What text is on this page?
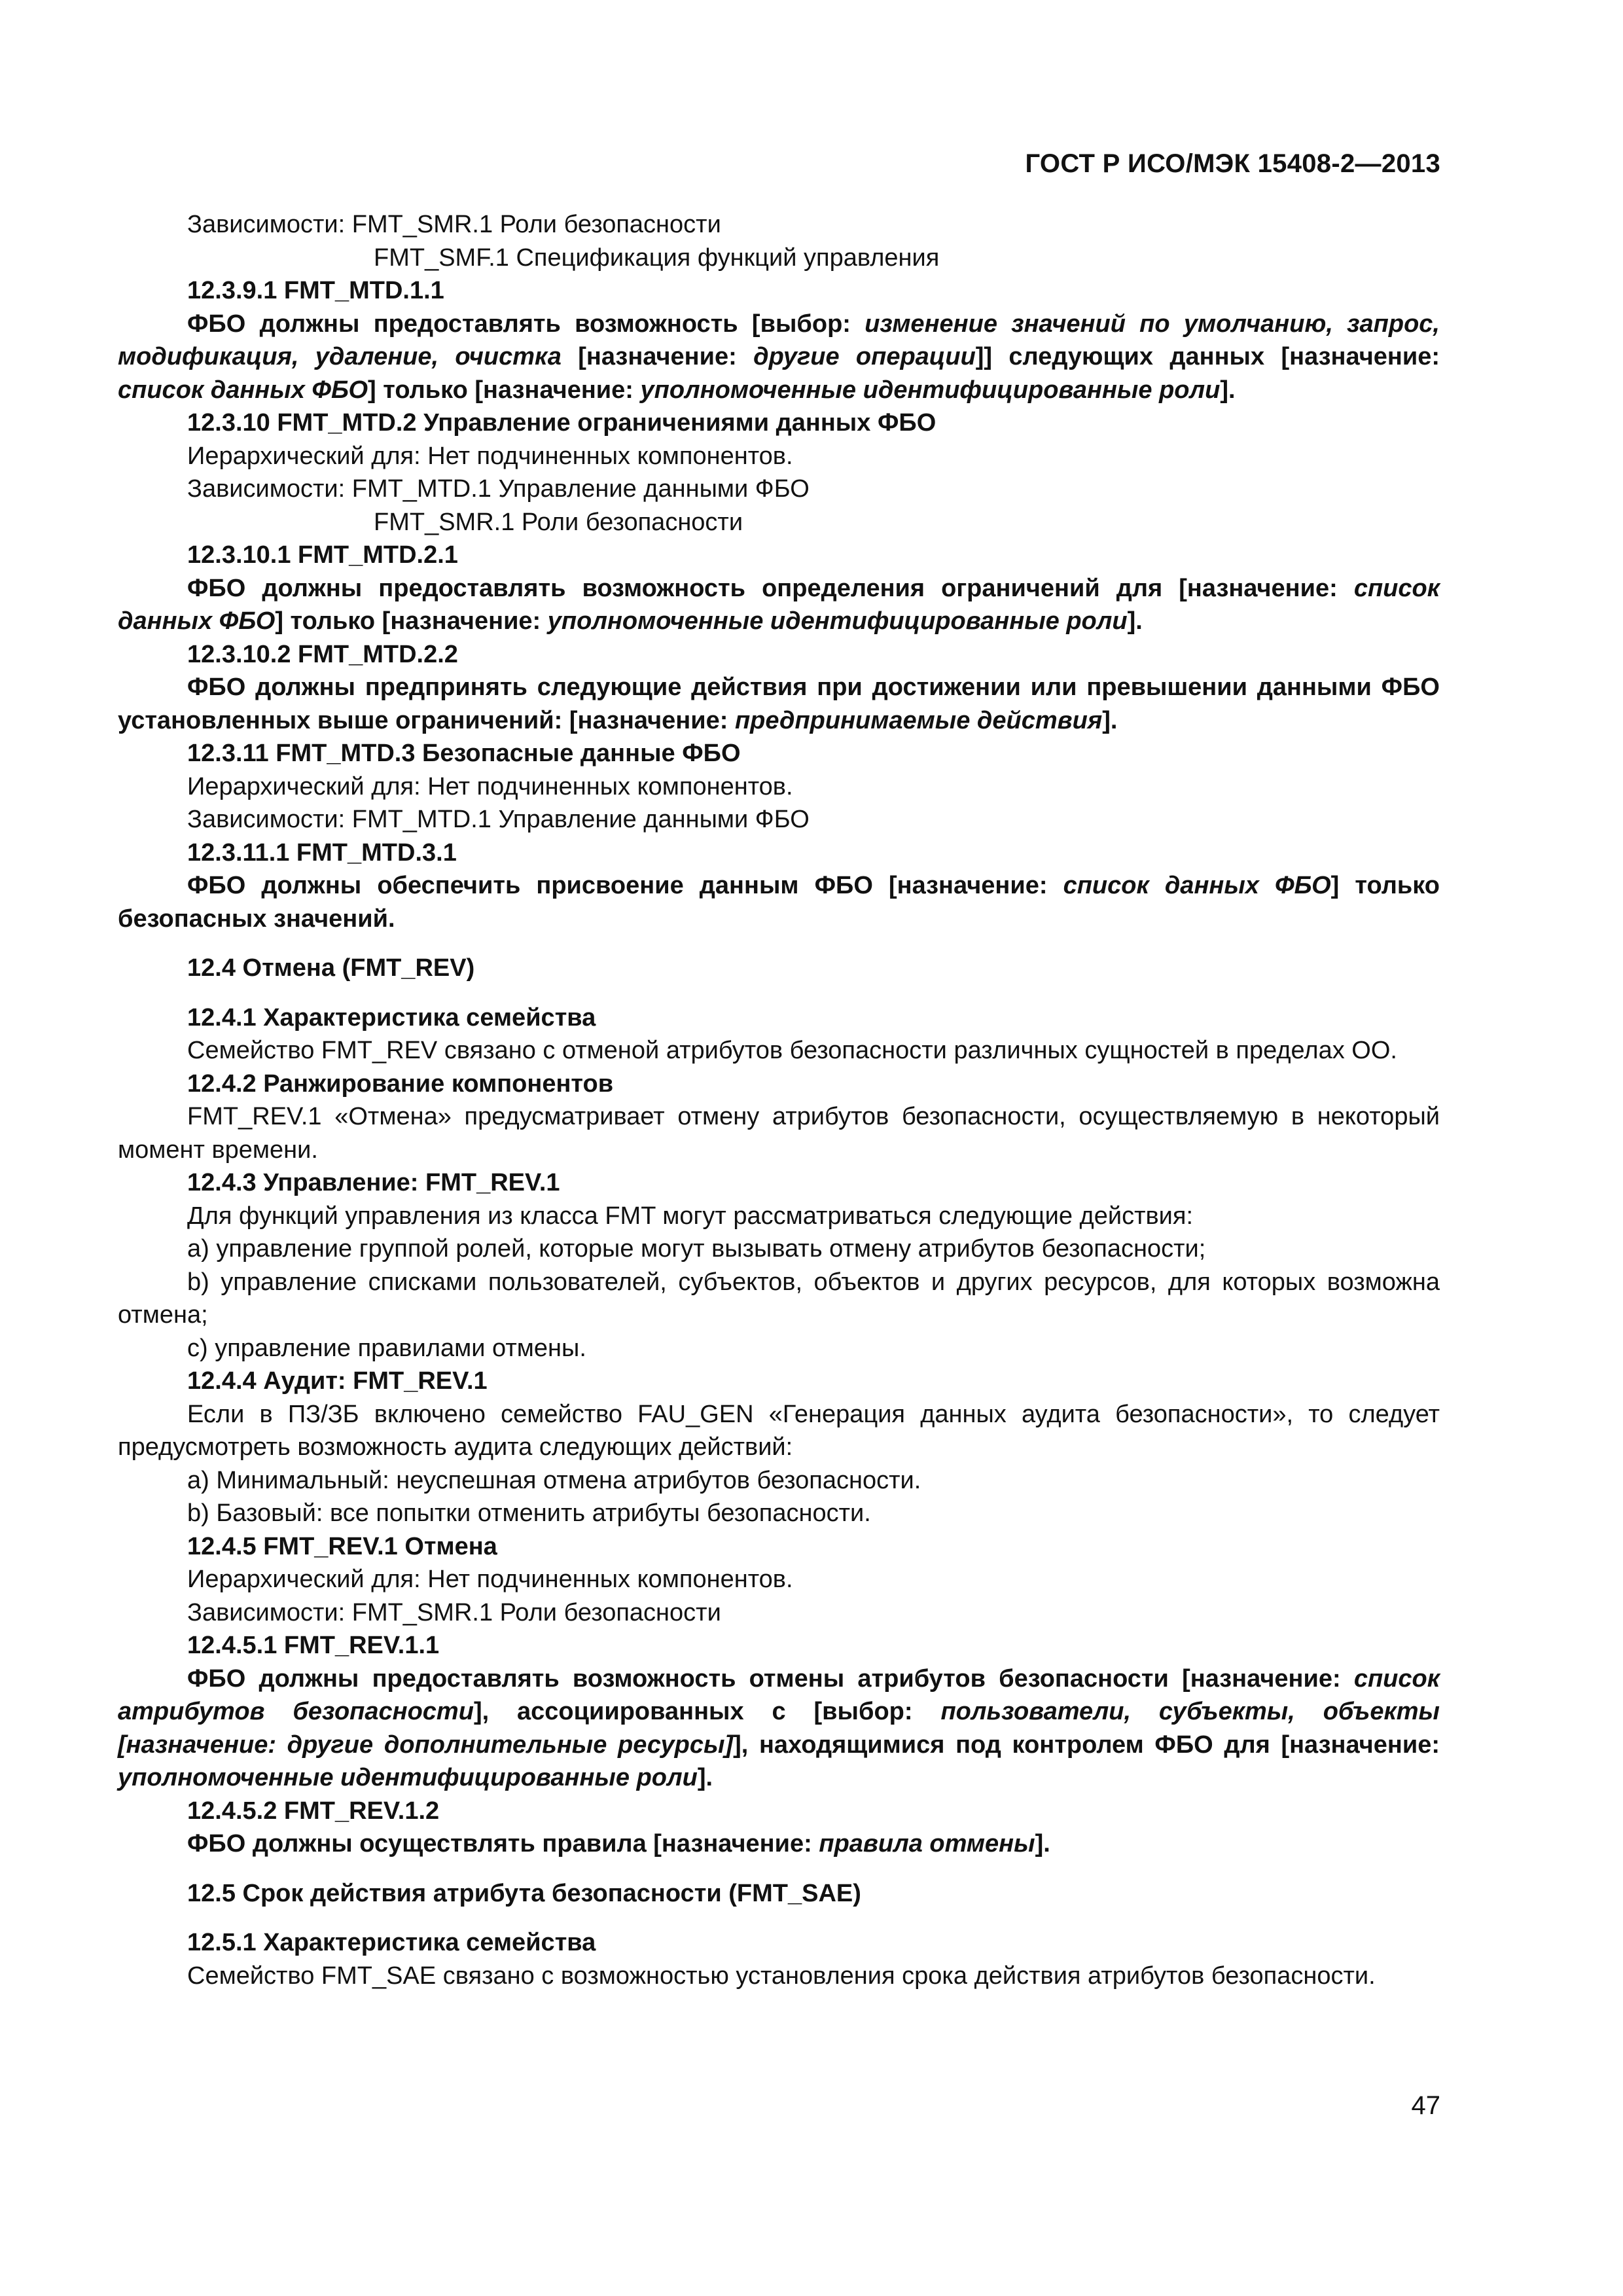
ГОСТ Р ИСО/МЭК 15408-2—2013

Зависимости: FMT_SMR.1 Роли безопасности

FMT_SMF.1 Спецификация функций управления

12.3.9.1 FMT_MTD.1.1

ФБО должны предоставлять возможность [выбор: изменение значений по умолчанию, запрос, модификация, удаление, очистка [назначение: другие операции]] следующих данных [назначение: список данных ФБО] только [назначение: уполномоченные идентифицированные роли].

12.3.10 FMT_MTD.2 Управление ограничениями данных ФБО

Иерархический для: Нет подчиненных компонентов.

Зависимости: FMT_MTD.1 Управление данными ФБО

FMT_SMR.1 Роли безопасности

12.3.10.1 FMT_MTD.2.1

ФБО должны предоставлять возможность определения ограничений для [назначение: список данных ФБО] только [назначение: уполномоченные идентифицированные роли].

12.3.10.2 FMT_MTD.2.2

ФБО должны предпринять следующие действия при достижении или превышении данными ФБО установленных выше ограничений: [назначение: предпринимаемые действия].

12.3.11 FMT_MTD.3 Безопасные данные ФБО

Иерархический для: Нет подчиненных компонентов.

Зависимости: FMT_MTD.1 Управление данными ФБО

12.3.11.1 FMT_MTD.3.1

ФБО должны обеспечить присвоение данным ФБО [назначение: список данных ФБО] только безопасных значений.

12.4 Отмена (FMT_REV)

12.4.1 Характеристика семейства

Семейство FMT_REV связано с отменой атрибутов безопасности различных сущностей в пределах ОО.

12.4.2 Ранжирование компонентов

FMT_REV.1 «Отмена» предусматривает отмену атрибутов безопасности, осуществляемую в некоторый момент времени.

12.4.3 Управление: FMT_REV.1

Для функций управления из класса FMT могут рассматриваться следующие действия:

a) управление группой ролей, которые могут вызывать отмену атрибутов безопасности;

b) управление списками пользователей, субъектов, объектов и других ресурсов, для которых возможна отмена;

c) управление правилами отмены.

12.4.4 Аудит: FMT_REV.1

Если в ПЗ/ЗБ включено семейство FAU_GEN «Генерация данных аудита безопасности», то следует предусмотреть возможность аудита следующих действий:

a) Минимальный: неуспешная отмена атрибутов безопасности.

b) Базовый: все попытки отменить атрибуты безопасности.

12.4.5 FMT_REV.1 Отмена

Иерархический для: Нет подчиненных компонентов.

Зависимости: FMT_SMR.1 Роли безопасности

12.4.5.1 FMT_REV.1.1

ФБО должны предоставлять возможность отмены атрибутов безопасности [назначение: список атрибутов безопасности], ассоциированных с [выбор: пользователи, субъекты, объекты [назначение: другие дополнительные ресурсы]], находящимися под контролем ФБО для [назначение: уполномоченные идентифицированные роли].

12.4.5.2 FMT_REV.1.2

ФБО должны осуществлять правила [назначение: правила отмены].

12.5 Срок действия атрибута безопасности (FMT_SAE)

12.5.1 Характеристика семейства

Семейство FMT_SAE связано с возможностью установления срока действия атрибутов безопасности.

47
